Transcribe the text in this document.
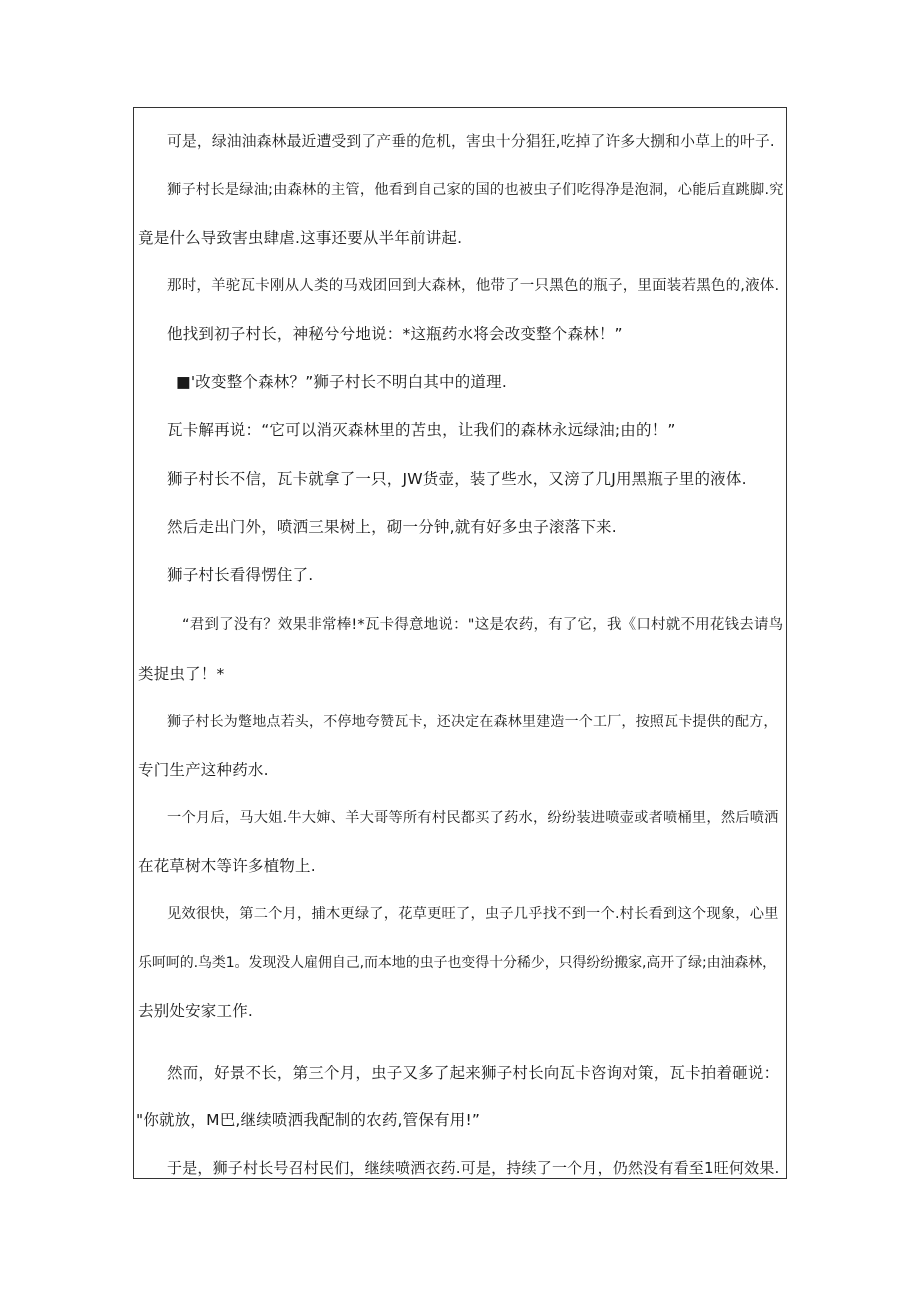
可是，绿油油森林最近遭受到了产垂的危机，害虫十分猖狂,吃掉了许多大捌和小草上的叶子.
狮子村长是绿油;由森林的主管，他看到自己家的国的也被虫子们吃得净是泡洞，心能后直跳脚.究
竟是什么导致害虫肆虐.这事还要从半年前讲起.
那时，羊驼瓦卡刚从人类的马戏团回到大森林，他带了一只黑色的瓶子，里面装若黑色的,液体.
他找到初子村长，神秘兮兮地说：*这瓶药水将会改变整个森林！”
■'改变整个森林？”狮子村长不明白其中的道理.
瓦卡解再说：“它可以消灭森林里的苫虫，让我们的森林永远绿油;由的！”
狮子村长不信，瓦卡就拿了一只，JW货壶，装了些水，又滂了几J用黑瓶子里的液体.
然后走出门外，喷洒三果树上，砌一分钟,就有好多虫子滚落下来.
狮子村长看得愣住了.
“君到了没有？效果非常棒!*瓦卡得意地说："这是农药，有了它，我《口村就不用花钱去请鸟
类捉虫了！*
狮子村长为蹩地点若头，不停地夸赞瓦卡，还决定在森林里建造一个工厂，按照瓦卡提供的配方，
专门生产这种药水.
一个月后，马大姐.牛大婶、羊大哥等所有村民都买了药水，纷纷装进喷壶或者喷桶里，然后喷洒
在花草树木等许多植物上.
见效很快，第二个月，捕木更绿了，花草更旺了，虫子几乎找不到一个.村长看到这个现象，心里
乐呵呵的.鸟类1。发现没人雇佣自己,而本地的虫子也变得十分稀少，只得纷纷搬家,高开了绿;由油森林，
去别处安家工作.
然而，好景不长，第三个月，虫子又多了起来狮子村长向瓦卡咨询对策，瓦卡拍着砸说：
"你就放，M巴,继续喷洒我配制的农药,管保有用!”
于是，狮子村长号召村民们，继续喷洒衣药.可是，持续了一个月，仍然没有看至1旺何效果.
